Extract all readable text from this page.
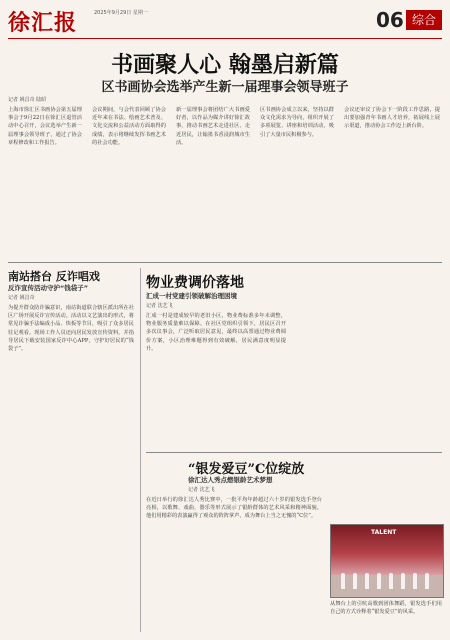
徐汇报	2025年9月29日 星期一	06 综合
书画聚人心 翰墨启新篇
区书画协会选举产生新一届理事会领导班子
记者 姚昌奇 陆昭
上海市徐汇区书画协会第五届理事会于9月22日在徐汇区退管活动中心召开，会议选举产生新一届理事会领导班子，通过了协会章程修改和工作报告。
会议期间，与会代表回顾了协会近年来在书法、绘画艺术普及、文化交流和公益活动方面取得的成绩，表示将继续发挥书画艺术的社会功能。
新一届理事会将团结广大书画爱好者，以作品为媒介讲好徐汇故事，推动书画艺术走进社区、走近居民，让翰墨书香浸润城市生活。
区书画协会成立以来，坚持以群众文化需求为导向，组织开展了多项展览、讲座和培训活动，吸引了大量市民积极参与。
会议还审议了协会下一阶段工作思路，提出要加强青年书画人才培养，拓展线上展示渠道，推动协会工作迈上新台阶。
南站搭台 反诈唱戏
反诈宣传活动守护“钱袋子”
记者 姚昌奇
为提升群众防诈骗意识，南站街道联合辖区派出所在社区广场开展反诈宣传活动。活动以文艺演出的形式，将常见诈骗手法编成小品、快板等节目，吸引了众多居民驻足观看。现场工作人员还向居民发放宣传资料，并指导居民下载安装国家反诈中心APP，守护好居民的“钱袋子”。
物业费调价落地
汇成一村党建引领破解治理困境
记者 沈艺飞
汇成一村是建成较早的老旧小区，物业费标准多年未调整，物业服务质量难以保障。在社区党组织引领下，居民区召开多次议事会，广泛听取居民意见，最终以高票通过物业费调价方案，小区治理难题得到有效破解，居民满意度明显提升。
“银发爱豆”C位绽放
徐汇达人秀点燃银龄艺术梦想
记者 沈艺飞
在近日举行的徐汇达人秀比赛中，一批平均年龄超过六十岁的银发选手登台亮相，以歌舞、戏曲、器乐等形式展示了银龄群体的艺术风采和精神面貌。他们用精彩的表演赢得了观众的阵阵掌声，成为舞台上当之无愧的“C位”。
TALENT
从舞台上的引吭高歌到团体舞蹈，银发选手们用自己的方式诠释着“银发爱豆”的风采。
